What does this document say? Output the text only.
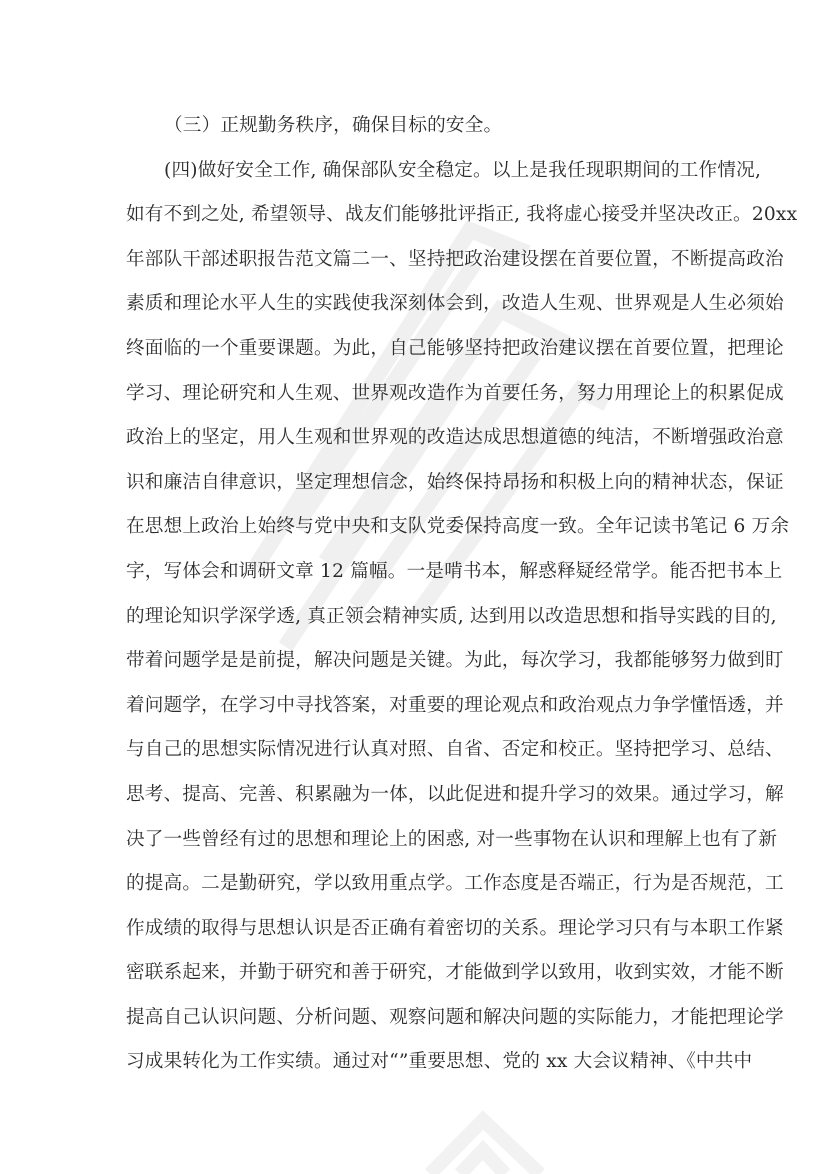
（三）正规勤务秩序，确保目标的安全。
(四)做好安全工作, 确保部队安全稳定。以上是我任现职期间的工作情况,
如有不到之处, 希望领导、战友们能够批评指正, 我将虚心接受并坚决改正。20xx
年部队干部述职报告范文篇二一、坚持把政治建设摆在首要位置，不断提高政治
素质和理论水平人生的实践使我深刻体会到，改造人生观、世界观是人生必须始
终面临的一个重要课题。为此，自己能够坚持把政治建议摆在首要位置，把理论
学习、理论研究和人生观、世界观改造作为首要任务，努力用理论上的积累促成
政治上的坚定，用人生观和世界观的改造达成思想道德的纯洁，不断增强政治意
识和廉洁自律意识，坚定理想信念，始终保持昂扬和积极上向的精神状态，保证
在思想上政治上始终与党中央和支队党委保持高度一致。全年记读书笔记 6 万余
字，写体会和调研文章 12 篇幅。一是啃书本，解惑释疑经常学。能否把书本上
的理论知识学深学透, 真正领会精神实质, 达到用以改造思想和指导实践的目的,
带着问题学是是前提，解决问题是关键。为此，每次学习，我都能够努力做到盯
着问题学，在学习中寻找答案，对重要的理论观点和政治观点力争学懂悟透，并
与自己的思想实际情况进行认真对照、自省、否定和校正。坚持把学习、总结、
思考、提高、完善、积累融为一体，以此促进和提升学习的效果。通过学习，解
决了一些曾经有过的思想和理论上的困惑, 对一些事物在认识和理解上也有了新
的提高。二是勤研究，学以致用重点学。工作态度是否端正，行为是否规范，工
作成绩的取得与思想认识是否正确有着密切的关系。理论学习只有与本职工作紧
密联系起来，并勤于研究和善于研究，才能做到学以致用，收到实效，才能不断
提高自己认识问题、分析问题、观察问题和解决问题的实际能力，才能把理论学
习成果转化为工作实绩。通过对“”重要思想、党的 xx 大会议精神、《中共中
